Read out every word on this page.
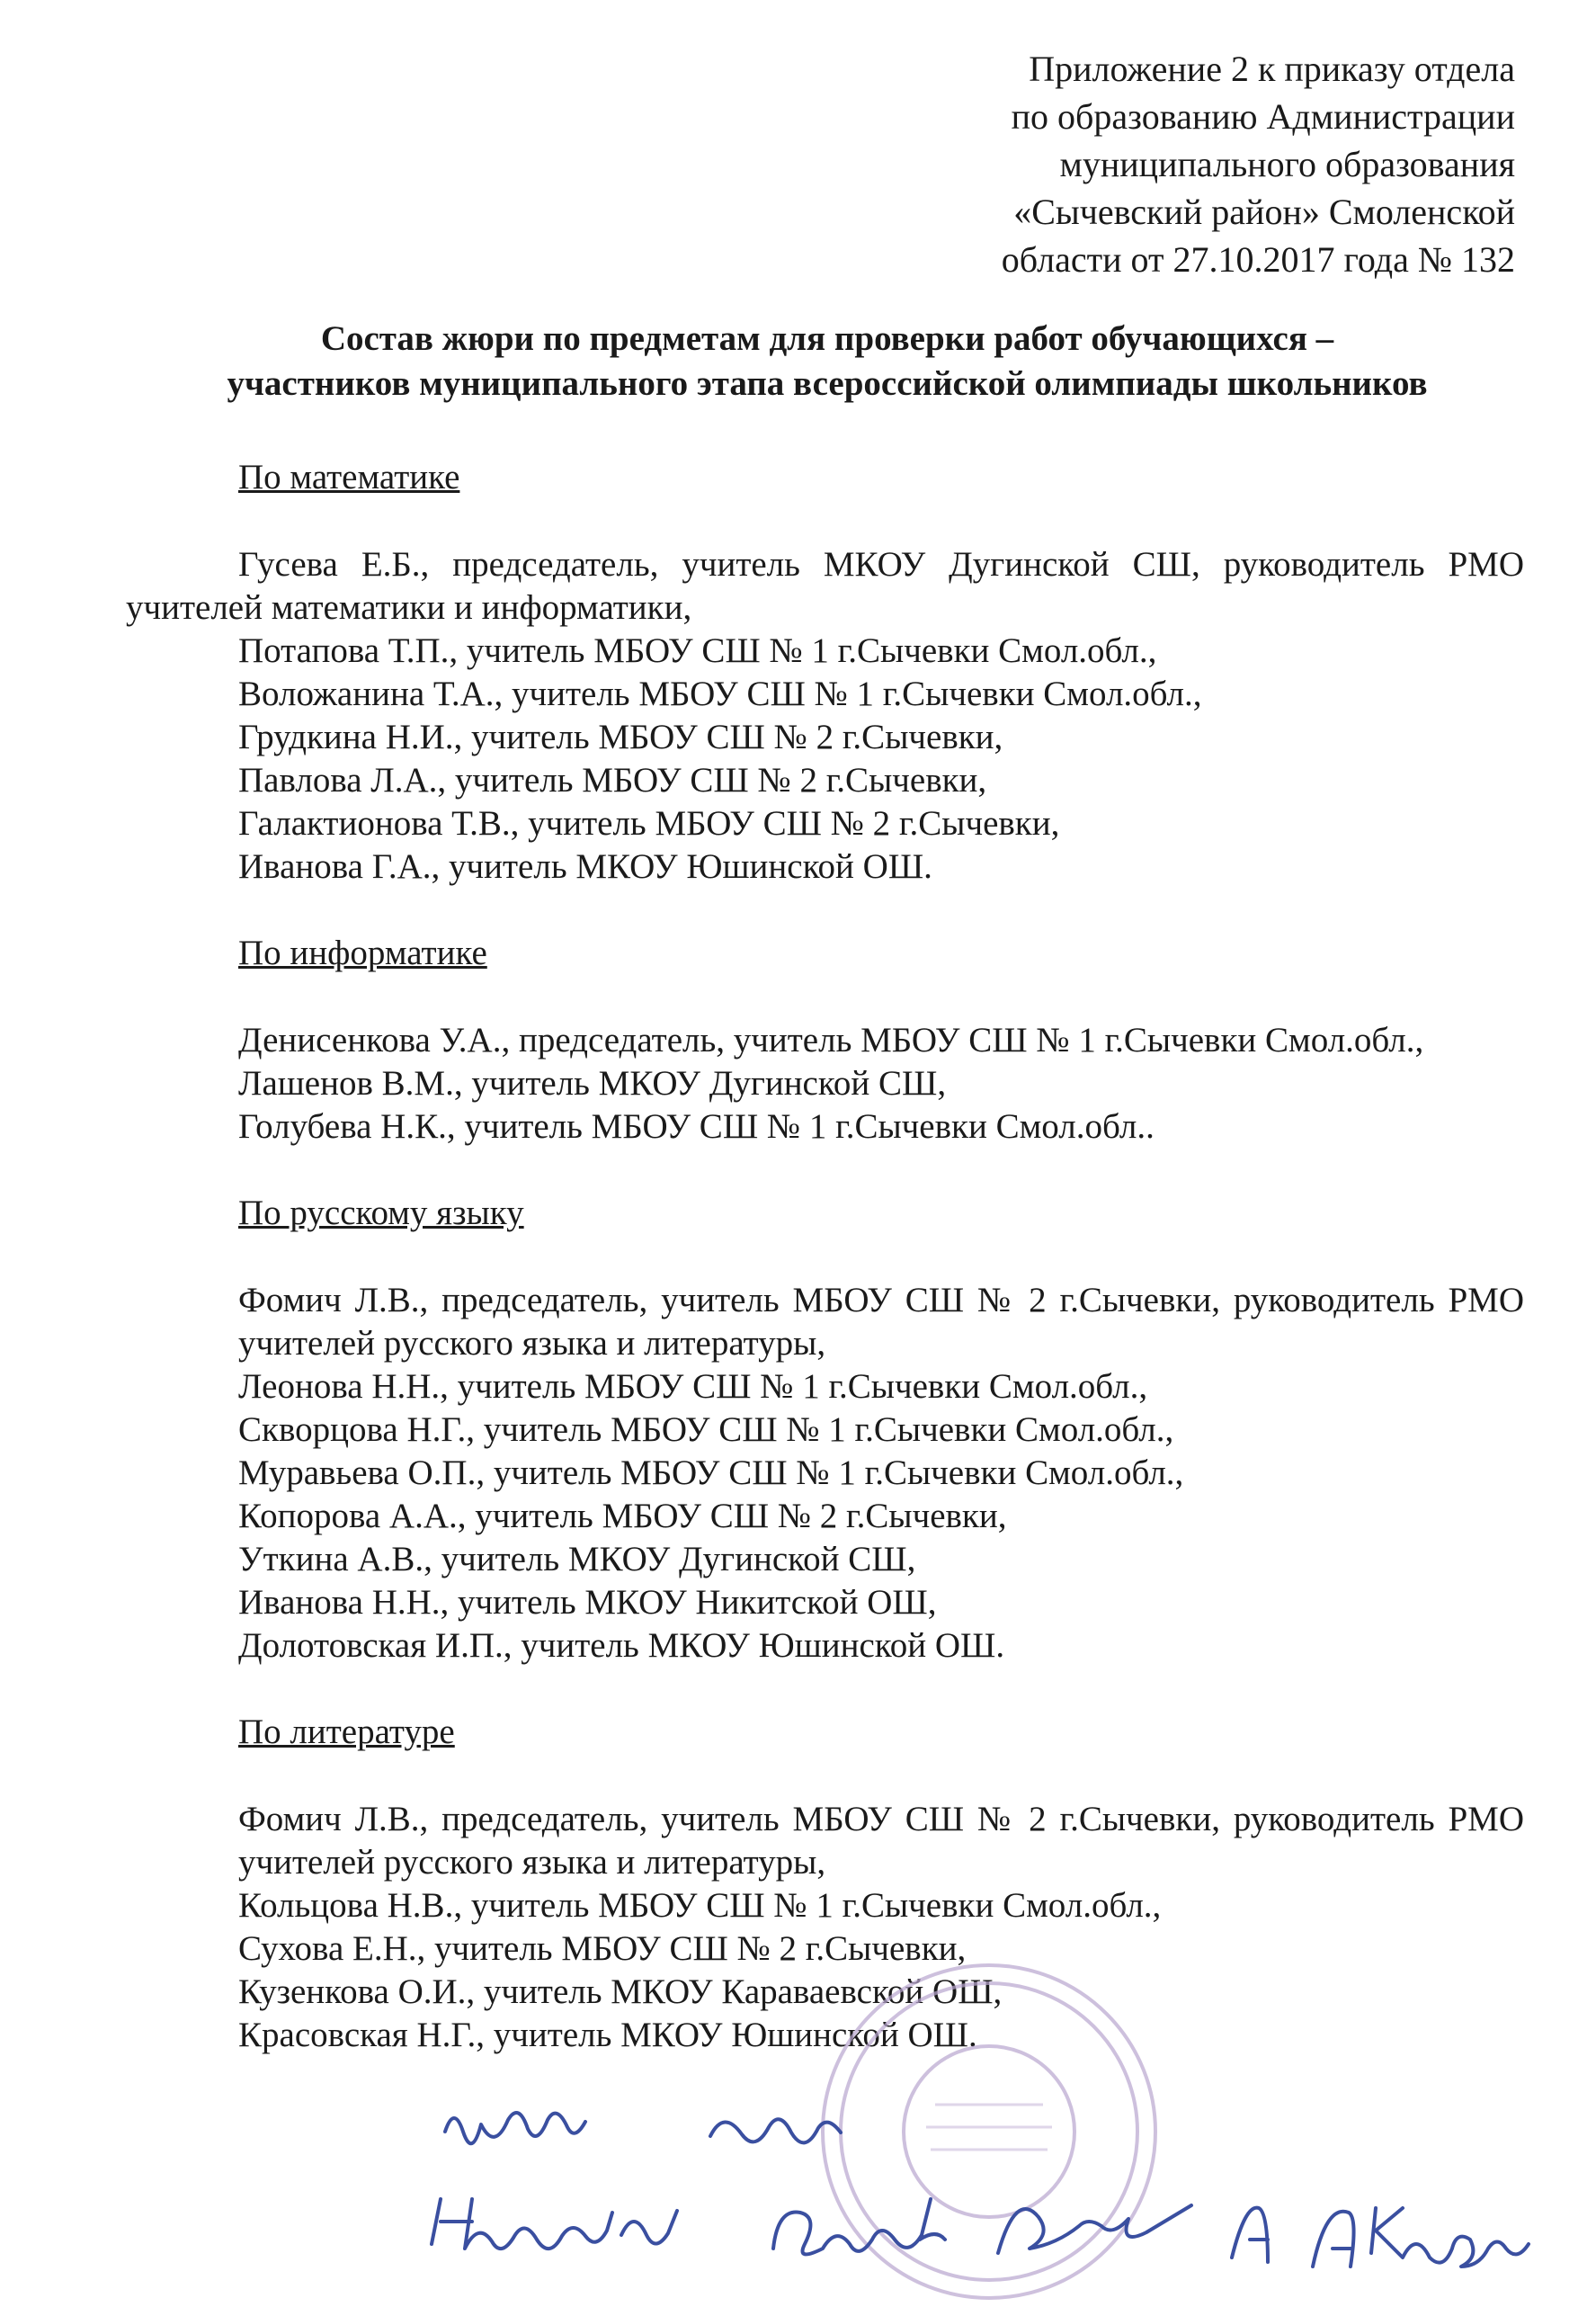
Приложение 2 к приказу отдела
по образованию Администрации
муниципального образования
«Сычевский район» Смоленской
области от 27.10.2017 года № 132
Состав жюри по предметам для проверки работ обучающихся –
участников муниципального этапа всероссийской олимпиады школьников
По математике
Гусева Е.Б., председатель, учитель МКОУ Дугинской СШ, руководитель РМО учителей математики и информатики,
Потапова Т.П., учитель МБОУ СШ № 1 г.Сычевки Смол.обл.,
Воложанина Т.А., учитель МБОУ СШ № 1 г.Сычевки Смол.обл.,
Грудкина Н.И., учитель МБОУ СШ № 2 г.Сычевки,
Павлова Л.А., учитель МБОУ СШ № 2 г.Сычевки,
Галактионова Т.В., учитель МБОУ СШ № 2 г.Сычевки,
Иванова Г.А., учитель МКОУ Юшинской ОШ.
По информатике
Денисенкова У.А., председатель, учитель МБОУ СШ № 1 г.Сычевки Смол.обл.,
Лашенов В.М., учитель МКОУ Дугинской СШ,
Голубева Н.К., учитель МБОУ СШ № 1 г.Сычевки Смол.обл..
По русскому языку
Фомич Л.В., председатель, учитель МБОУ СШ № 2 г.Сычевки, руководитель РМО учителей русского языка и литературы,
Леонова Н.Н., учитель МБОУ СШ № 1 г.Сычевки Смол.обл.,
Скворцова Н.Г., учитель МБОУ СШ № 1 г.Сычевки Смол.обл.,
Муравьева О.П., учитель МБОУ СШ № 1 г.Сычевки Смол.обл.,
Копорова А.А., учитель МБОУ СШ № 2 г.Сычевки,
Уткина А.В., учитель МКОУ Дугинской СШ,
Иванова Н.Н., учитель МКОУ Никитской ОШ,
Долотовская И.П., учитель МКОУ Юшинской ОШ.
По литературе
Фомич Л.В., председатель, учитель МБОУ СШ № 2 г.Сычевки, руководитель РМО учителей русского языка и литературы,
Кольцова Н.В., учитель МБОУ СШ № 1 г.Сычевки Смол.обл.,
Сухова Е.Н., учитель МБОУ СШ № 2 г.Сычевки,
Кузенкова О.И., учитель МКОУ Караваевской ОШ,
Красовская Н.Г., учитель МКОУ Юшинской ОШ.
